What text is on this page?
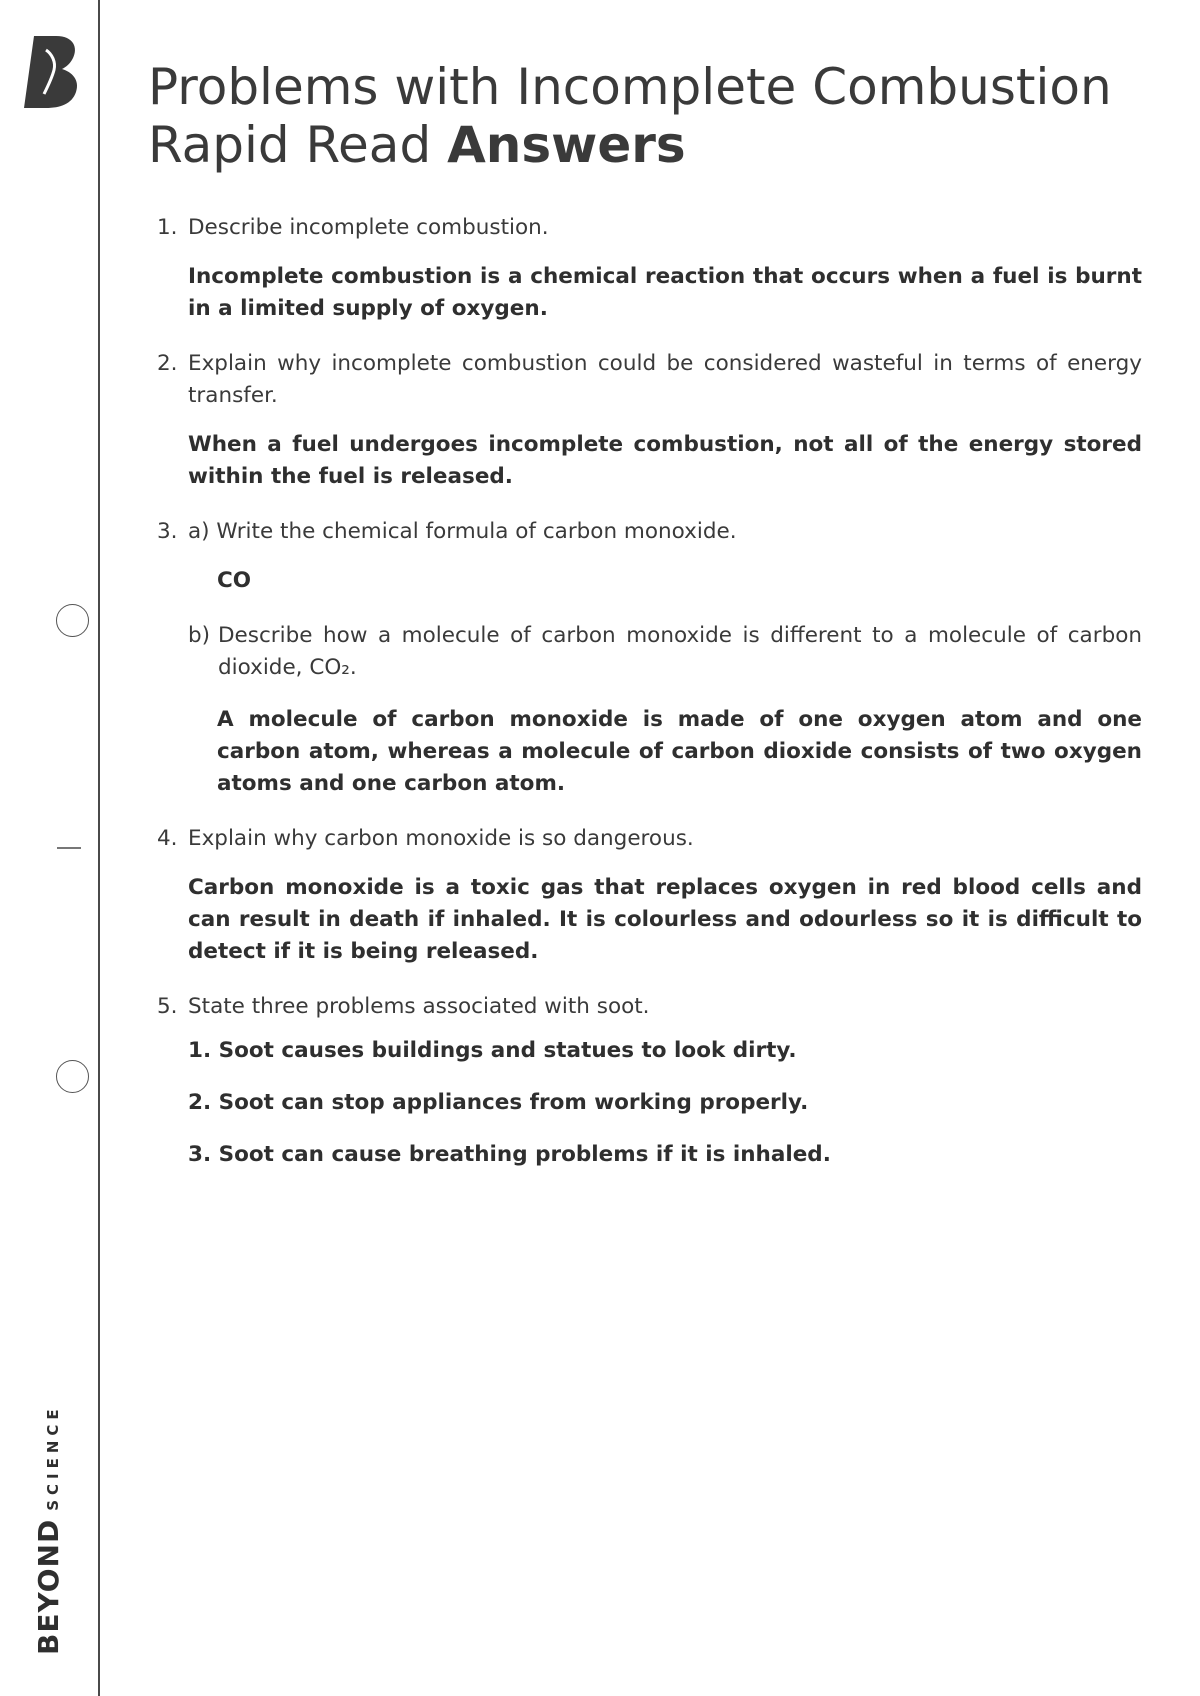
BEYONDSCIENCE
Problems with Incomplete Combustion
Rapid Read Answers
1. Describe incomplete combustion.
Incomplete combustion is a chemical reaction that occurs when a fuel is burnt in a limited supply of oxygen.
2. Explain why incomplete combustion could be considered wasteful in terms of energy transfer.
When a fuel undergoes incomplete combustion, not all of the energy stored within the fuel is released.
3. a) Write the chemical formula of carbon monoxide.
CO
b) Describe how a molecule of carbon monoxide is different to a molecule of carbon dioxide, CO₂.
A molecule of carbon monoxide is made of one oxygen atom and one carbon atom, whereas a molecule of carbon dioxide consists of two oxygen atoms and one carbon atom.
4. Explain why carbon monoxide is so dangerous.
Carbon monoxide is a toxic gas that replaces oxygen in red blood cells and can result in death if inhaled. It is colourless and odourless so it is difficult to detect if it is being released.
5. State three problems associated with soot.
1. Soot causes buildings and statues to look dirty.
2. Soot can stop appliances from working properly.
3. Soot can cause breathing problems if it is inhaled.
